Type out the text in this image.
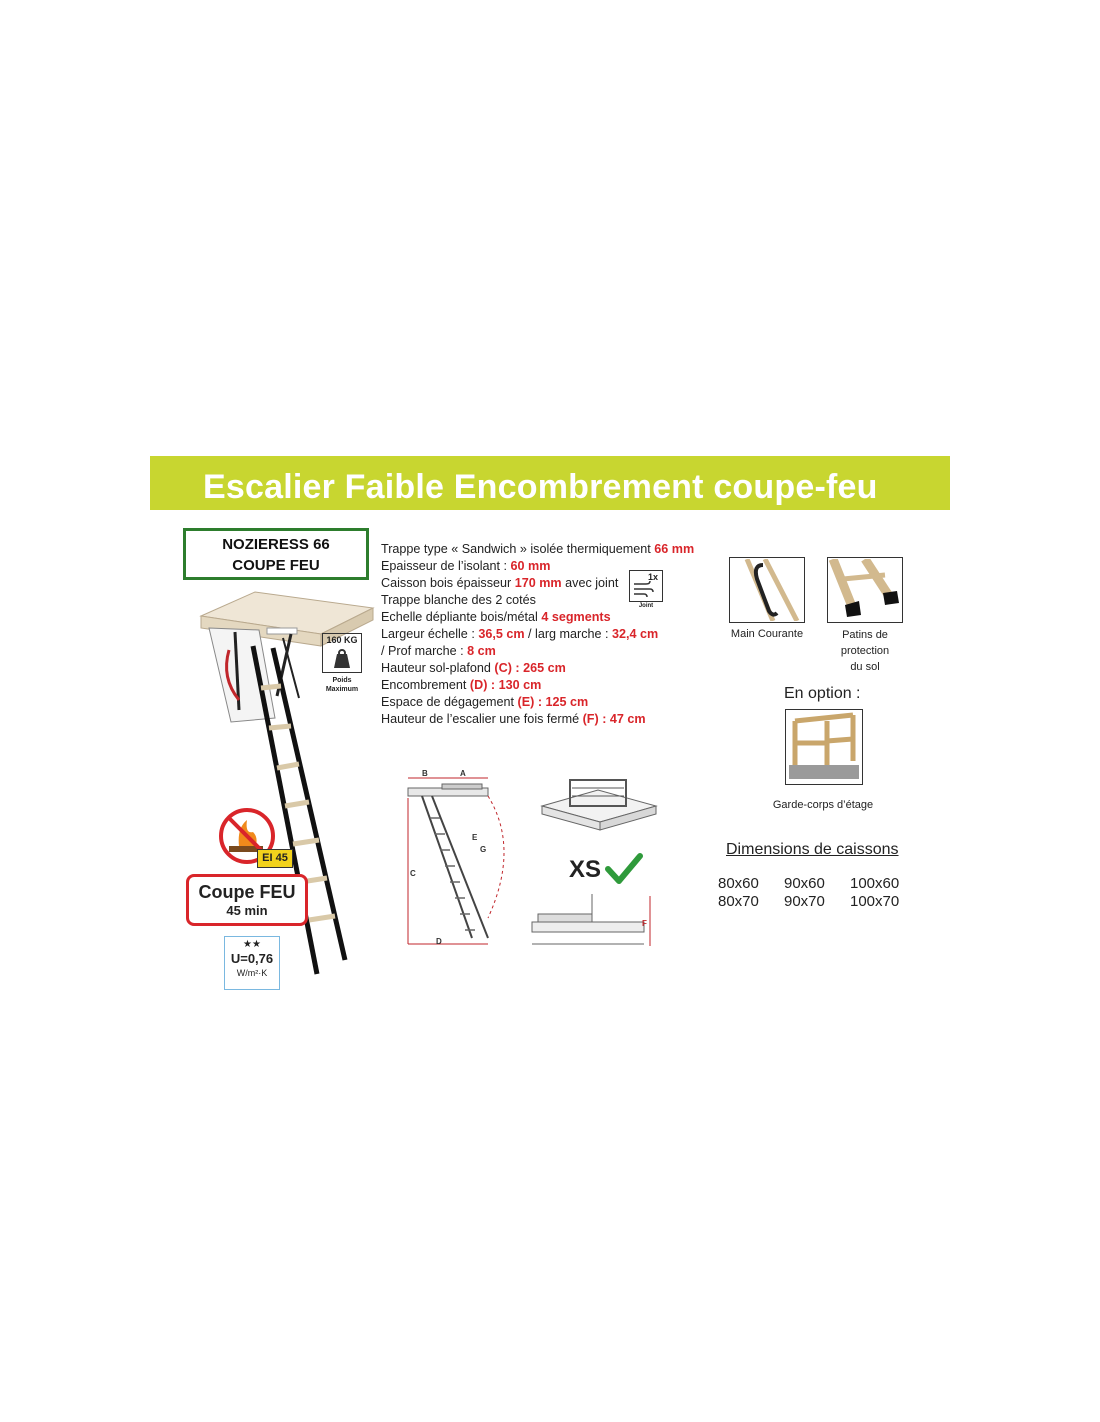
Escalier Faible Encombrement coupe-feu
NOZIERESS 66
COUPE FEU
160 KG
Poids Maximum
EI 45
Coupe FEU
45 min
★★
U=0,76
W/m²·K
Trappe type « Sandwich » isolée thermiquement 66 mm
Epaisseur de l’isolant : 60 mm
Caisson bois épaisseur 170 mm avec joint
Trappe blanche des 2 cotés
Echelle dépliante bois/métal 4 segments
Largeur échelle : 36,5 cm / larg marche : 32,4 cm
/ Prof marche : 8 cm
Hauteur sol-plafond (C) : 265 cm
Encombrement (D) : 130 cm
Espace de dégagement (E) : 125 cm
Hauteur de l’escalier une fois fermé (F) : 47 cm
1x
Joint
B	A
C
D
E
G
XS
F
Main Courante	Patins de
protection
du sol
En option :
Garde-corps d’étage
Dimensions de caissons
80x60 90x60 100x60
80x70 90x70 100x70
